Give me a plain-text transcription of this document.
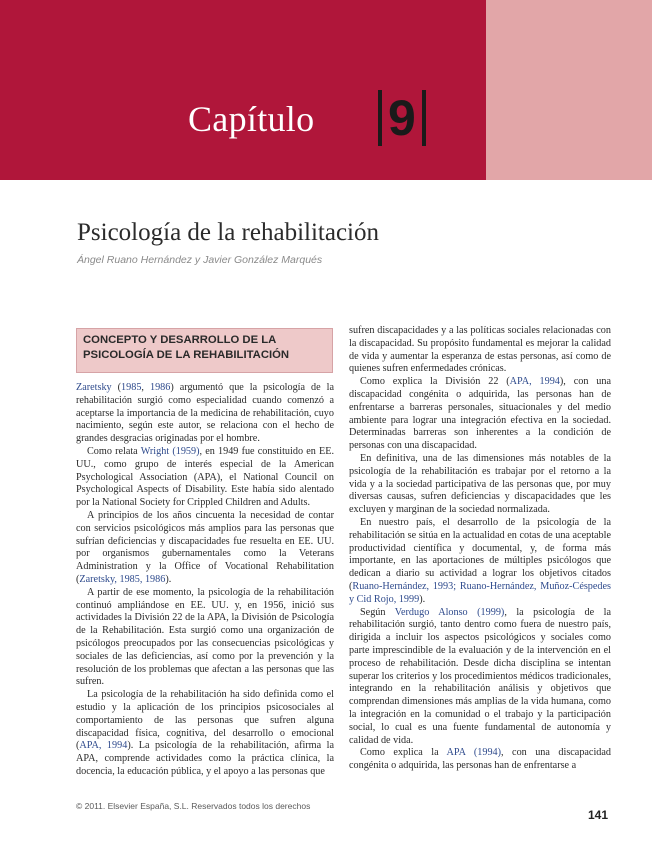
Capítulo 9
Psicología de la rehabilitación
Ángel Ruano Hernández y Javier González Marqués
CONCEPTO Y DESARROLLO DE LA
PSICOLOGÍA DE LA REHABILITACIÓN

Zaretsky (1985, 1986) argumentó que la psicología de la rehabilitación surgió como especialidad cuando comenzó a aceptarse la importancia de la medicina de rehabilitación, cuyo nacimiento, según este autor, se relaciona con el hecho de grandes desgracias originadas por el hombre.

Como relata Wright (1959), en 1949 fue constituido en EE. UU., como grupo de interés especial de la American Psychological Association (APA), el National Council on Psychological Aspects of Disability. Este había sido alentado por la National Society for Crippled Children and Adults.

A principios de los años cincuenta la necesidad de contar con servicios psicológicos más amplios para las personas que sufrían deficiencias y discapacidades fue resuelta en EE. UU. por organismos gubernamentales como la Veterans Administration y la Office of Vocational Rehabilitation (Zaretsky, 1985, 1986).

A partir de ese momento, la psicología de la rehabilitación continuó ampliándose en EE. UU. y, en 1956, inició sus actividades la División 22 de la APA, la División de Psicología de la Rehabilitación. Esta surgió como una organización de psicólogos preocupados por las consecuencias psicológicas y sociales de las deficiencias, así como por la prevención y la resolución de los problemas que afectan a las personas que las sufren.

La psicología de la rehabilitación ha sido definida como el estudio y la aplicación de los principios psicosociales al comportamiento de las personas que sufren alguna discapacidad física, cognitiva, del desarrollo o emocional (APA, 1994). La psicología de la rehabilitación, afirma la APA, comprende actividades como la práctica clínica, la docencia, la educación pública, y el apoyo a las personas que

sufren discapacidades y a las políticas sociales relacionadas con la discapacidad. Su propósito fundamental es mejorar la calidad de vida y aumentar la esperanza de estas personas, así como de quienes sufren enfermedades crónicas.

Como explica la División 22 (APA, 1994), con una discapacidad congénita o adquirida, las personas han de enfrentarse a barreras personales, situacionales y del medio ambiente para lograr una integración efectiva en la sociedad. Determinadas barreras son inherentes a la condición de personas con una discapacidad.

En definitiva, una de las dimensiones más notables de la psicología de la rehabilitación es trabajar por el retorno a la vida y a la sociedad participativa de las personas que, por muy diversas causas, sufren deficiencias y discapacidades que les excluyen y marginan de la sociedad normalizada.

En nuestro país, el desarrollo de la psicología de la rehabilitación se sitúa en la actualidad en cotas de una aceptable productividad científica y documental, y, de forma más importante, en las aportaciones de múltiples psicólogos que dedican a diario su actividad a lograr los objetivos citados (Ruano-Hernández, 1993; Ruano-Hernández, Muñoz-Céspedes y Cid Rojo, 1999).

Según Verdugo Alonso (1999), la psicología de la rehabilitación surgió, tanto dentro como fuera de nuestro país, dirigida a incluir los aspectos psicológicos y sociales como parte imprescindible de la evaluación y de la intervención en el proceso de rehabilitación. Desde dicha disciplina se intentan superar los criterios y los procedimientos médicos tradicionales, integrando en la rehabilitación análisis y objetivos que comprendan dimensiones más amplias de la vida humana, como la integración en la comunidad o el trabajo y la participación social, lo cual es una fuente fundamental de autonomía y calidad de vida.

Como explica la APA (1994), con una discapacidad congénita o adquirida, las personas han de enfrentarse a

© 2011. Elsevier España, S.L. Reservados todos los derechos
141
